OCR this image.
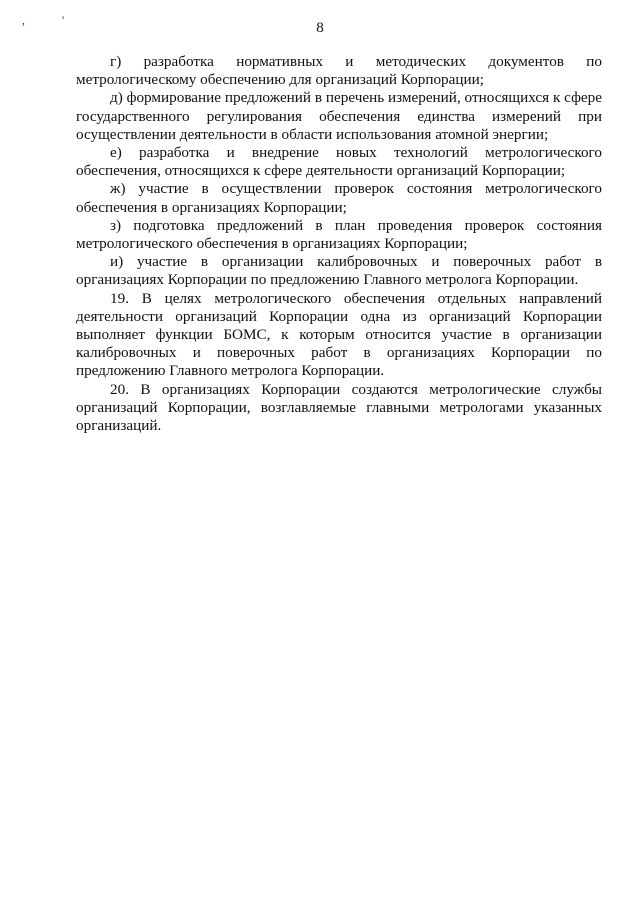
,	'	8

г) разработка нормативных и методических документов по метрологическому обеспечению для организаций Корпорации;

д) формирование предложений в перечень измерений, относящихся к сфере государственного регулирования обеспечения единства измерений при осуществлении деятельности в области использования атомной энергии;

е) разработка и внедрение новых технологий метрологического обеспечения, относящихся к сфере деятельности организаций Корпорации;

ж) участие в осуществлении проверок состояния метрологического обеспечения в организациях Корпорации;

з) подготовка предложений в план проведения проверок состояния метрологического обеспечения в организациях Корпорации;

и) участие в организации калибровочных и поверочных работ в организациях Корпорации по предложению Главного метролога Корпорации.

19. В целях метрологического обеспечения отдельных направлений деятельности организаций Корпорации одна из организаций Корпорации выполняет функции БОМС, к которым относится участие в организации калибровочных и поверочных работ в организациях Корпорации по предложению Главного метролога Корпорации.

20. В организациях Корпорации создаются метрологические службы организаций Корпорации, возглавляемые главными метрологами указанных организаций.
